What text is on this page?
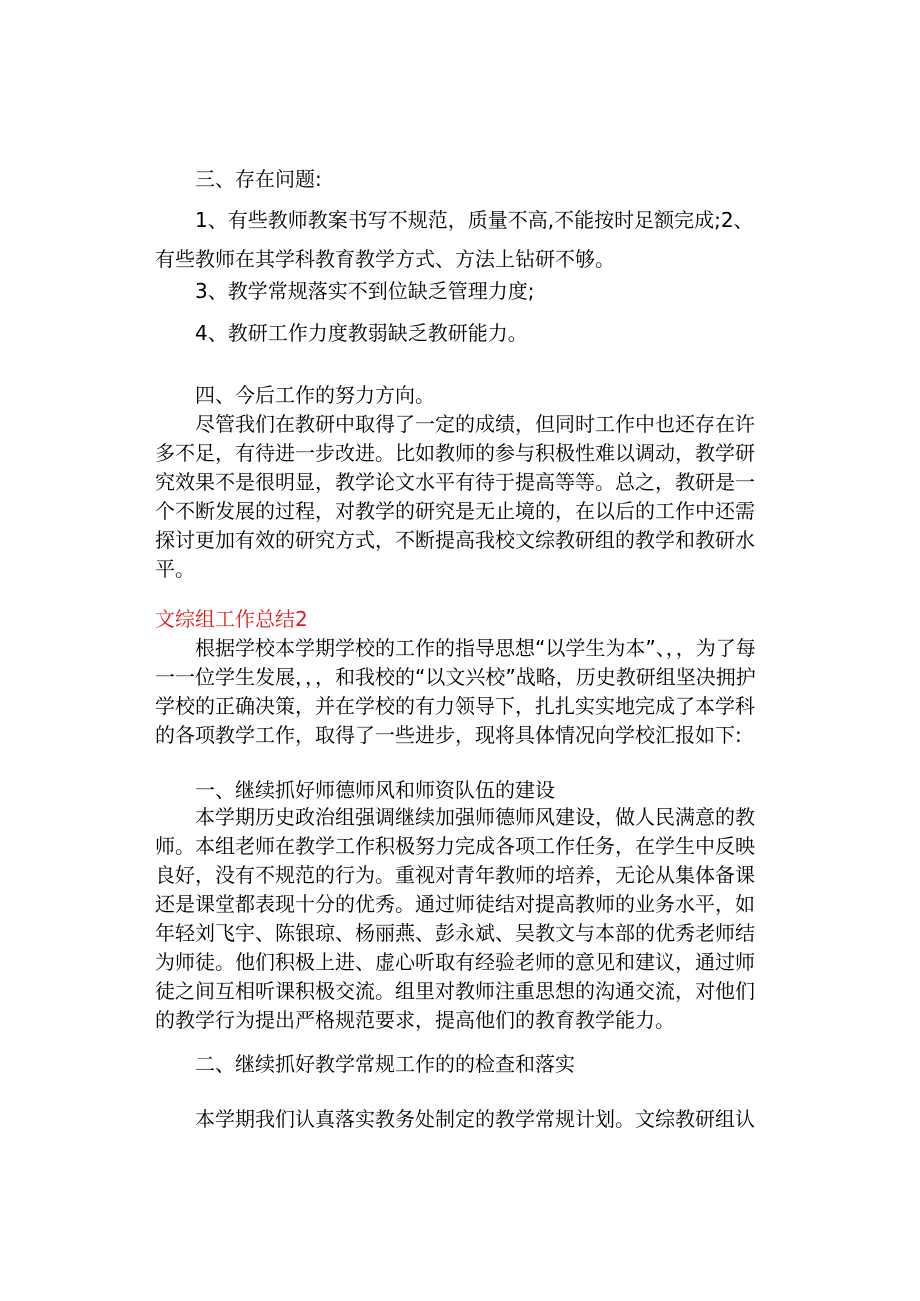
三、存在问题:

1、有些教师教案书写不规范，质量不高,不能按时足额完成;2、有些教师在其学科教育教学方式、方法上钻研不够。

3、教学常规落实不到位缺乏管理力度;

4、教研工作力度教弱缺乏教研能力。

四、今后工作的努力方向。

尽管我们在教研中取得了一定的成绩，但同时工作中也还存在许多不足，有待进一步改进。比如教师的参与积极性难以调动，教学研究效果不是很明显，教学论文水平有待于提高等等。总之，教研是一个不断发展的过程，对教学的研究是无止境的，在以后的工作中还需探讨更加有效的研究方式，不断提高我校文综教研组的教学和教研水平。

文综组工作总结2

根据学校本学期学校的工作的指导思想“以学生为本”、，，为了每一一位学生发展，，，和我校的“以文兴校”战略，历史教研组坚决拥护学校的正确决策，并在学校的有力领导下，扎扎实实地完成了本学科的各项教学工作，取得了一些进步，现将具体情况向学校汇报如下:

一、继续抓好师德师风和师资队伍的建设

本学期历史政治组强调继续加强师德师风建设，做人民满意的教师。本组老师在教学工作积极努力完成各项工作任务，在学生中反映良好，没有不规范的行为。重视对青年教师的培养，无论从集体备课还是课堂都表现十分的优秀。通过师徒结对提高教师的业务水平，如年轻刘飞宇、陈银琼、杨丽燕、彭永斌、吴教文与本部的优秀老师结为师徒。他们积极上进、虚心听取有经验老师的意见和建议，通过师徒之间互相听课积极交流。组里对教师注重思想的沟通交流，对他们的教学行为提出严格规范要求，提高他们的教育教学能力。

二、继续抓好教学常规工作的的检查和落实

本学期我们认真落实教务处制定的教学常规计划。文综教研组认
